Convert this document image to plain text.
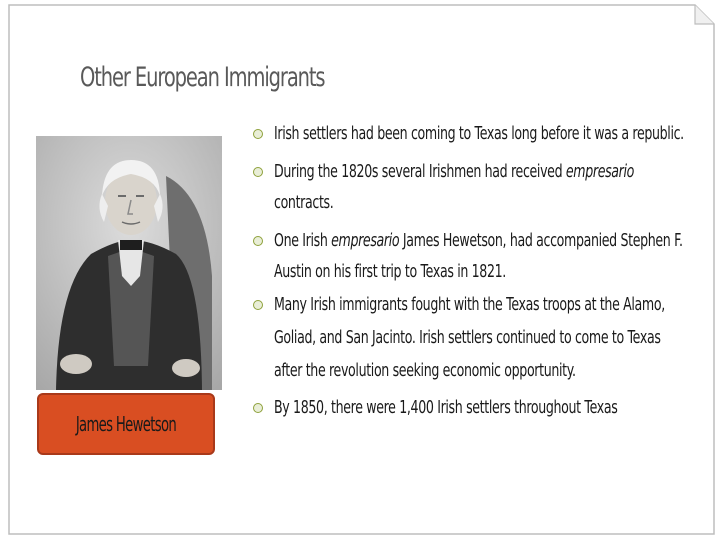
Other European Immigrants
James Hewetson
Irish settlers had been coming to Texas long before it was a republic.
During the 1820s several Irishmen had received empresario
contracts.
One Irish empresario James Hewetson, had accompanied Stephen F.
Austin on his first trip to Texas in 1821.
Many Irish immigrants fought with the Texas troops at the Alamo,
Goliad, and San Jacinto. Irish settlers continued to come to Texas
after the revolution seeking economic opportunity.
By 1850, there were 1,400 Irish settlers throughout Texas
